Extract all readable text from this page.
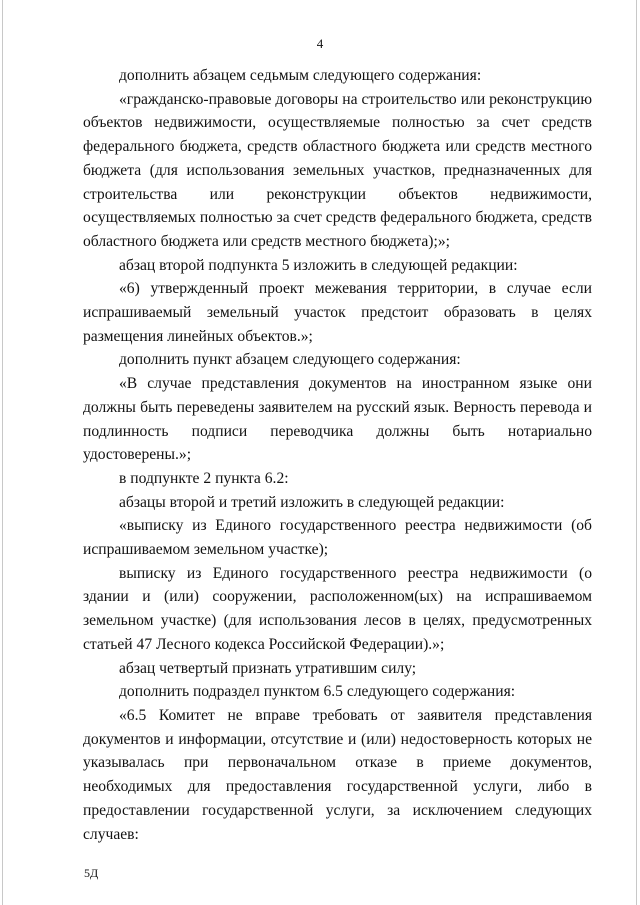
4

дополнить абзацем седьмым следующего содержания:

«гражданско-правовые договоры на строительство или реконструкцию объектов недвижимости, осуществляемые полностью за счет средств федерального бюджета, средств областного бюджета или средств местного бюджета (для использования земельных участков, предназначенных для строительства или реконструкции объектов недвижимости, осуществляемых полностью за счет средств федерального бюджета, средств областного бюджета или средств местного бюджета);»;

абзац второй подпункта 5 изложить в следующей редакции:

«6) утвержденный проект межевания территории, в случае если испрашиваемый земельный участок предстоит образовать в целях размещения линейных объектов.»;

дополнить пункт абзацем следующего содержания:

«В случае представления документов на иностранном языке они должны быть переведены заявителем на русский язык. Верность перевода и подлинность подписи переводчика должны быть нотариально удостоверены.»;

в подпункте 2 пункта 6.2:

абзацы второй и третий изложить в следующей редакции:

«выписку из Единого государственного реестра недвижимости (об испрашиваемом земельном участке);

выписку из Единого государственного реестра недвижимости (о здании и (или) сооружении, расположенном(ых) на испрашиваемом земельном участке) (для использования лесов в целях, предусмотренных статьей 47 Лесного кодекса Российской Федерации).»;

абзац четвертый признать утратившим силу;

дополнить подраздел пунктом 6.5 следующего содержания:

«6.5 Комитет не вправе требовать от заявителя представления документов и информации, отсутствие и (или) недостоверность которых не указывалась при первоначальном отказе в приеме документов, необходимых для предоставления государственной услуги, либо в предоставлении государственной услуги, за исключением следующих случаев:

5Д
